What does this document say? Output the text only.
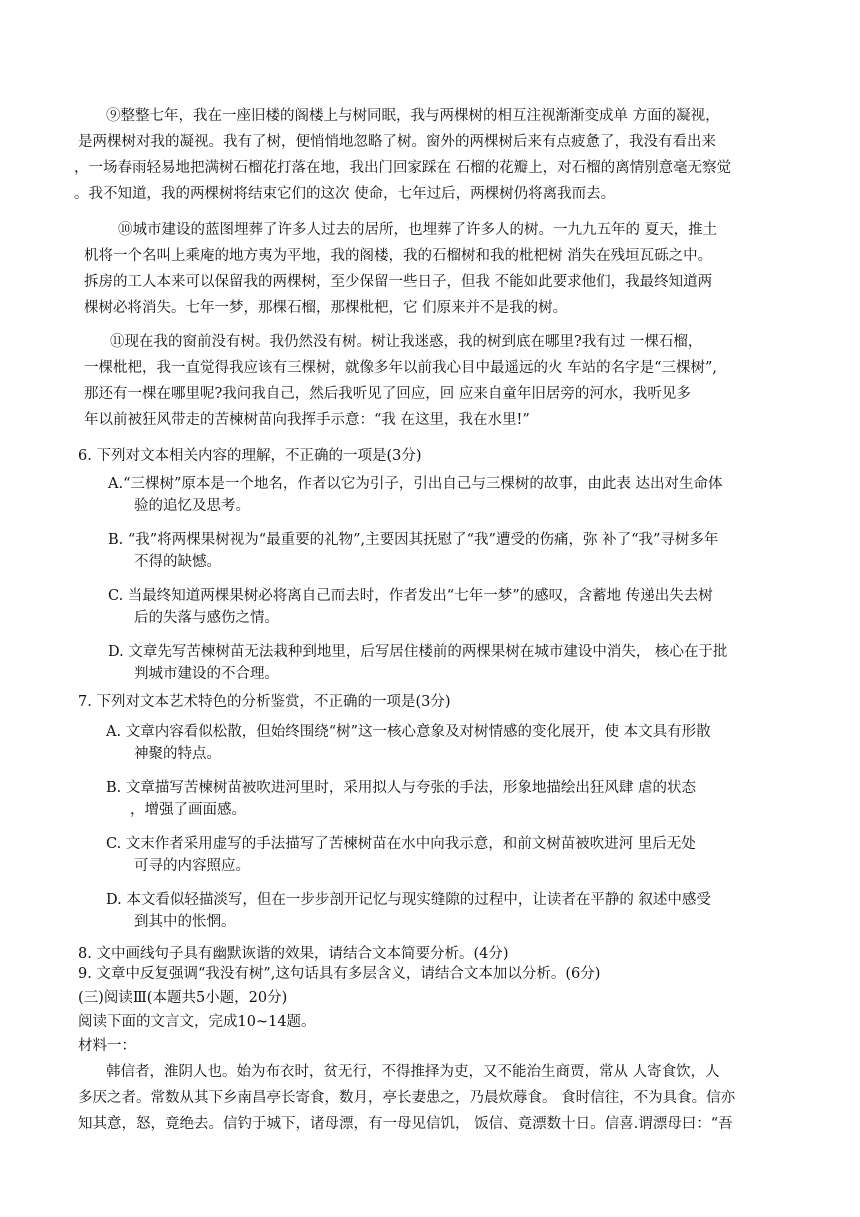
⑨整整七年，我在一座旧楼的阁楼上与树同眠，我与两棵树的相互注视渐渐变成单 方面的凝视，
是两棵树对我的凝视。我有了树，便悄悄地忽略了树。窗外的两棵树后来有点疲惫了，我没有看出来
，一场春雨轻易地把满树石榴花打落在地，我出门回家踩在 石榴的花瓣上，对石榴的离情别意毫无察觉
。我不知道，我的两棵树将结束它们的这次 使命，七年过后，两棵树仍将离我而去。
⑩城市建设的蓝图埋葬了许多人过去的居所，也埋葬了许多人的树。一九九五年的 夏天，推土
机将一个名叫上乘庵的地方夷为平地，我的阁楼，我的石榴树和我的枇杷树 消失在残垣瓦砾之中。
拆房的工人本来可以保留我的两棵树，至少保留一些日子，但我 不能如此要求他们，我最终知道两
棵树必将消失。七年一梦，那棵石榴，那棵枇杷，它 们原来并不是我的树。
⑪现在我的窗前没有树。我仍然没有树。树让我迷惑，我的树到底在哪里?我有过 一棵石榴，
一棵枇杷，我一直觉得我应该有三棵树，就像多年以前我心目中最遥远的火 车站的名字是“三棵树”,
那还有一棵在哪里呢?我问我自己，然后我听见了回应，回 应来自童年旧居旁的河水，我听见多
年以前被狂风带走的苦楝树苗向我挥手示意：“我 在这里，我在水里!”
6. 下列对文本相关内容的理解，不正确的一项是(3分)
A.“三棵树”原本是一个地名，作者以它为引子，引出自己与三棵树的故事，由此表 达出对生命体
验的追忆及思考。
B. “我”将两棵果树视为“最重要的礼物”,主要因其抚慰了“我”遭受的伤痛，弥 补了“我”寻树多年
不得的缺憾。
C. 当最终知道两棵果树必将离自己而去时，作者发出“七年一梦”的感叹，含蓄地 传递出失去树
后的失落与感伤之情。
D. 文章先写苦楝树苗无法栽种到地里，后写居住楼前的两棵果树在城市建设中消失， 核心在于批
判城市建设的不合理。
7. 下列对文本艺术特色的分析鉴赏，不正确的一项是(3分)
A. 文章内容看似松散，但始终围绕“树”这一核心意象及对树情感的变化展开，使 本文具有形散
神聚的特点。
B. 文章描写苦楝树苗被吹进河里时，采用拟人与夸张的手法，形象地描绘出狂风肆 虐的状态
，增强了画面感。
C. 文末作者采用虚写的手法描写了苦楝树苗在水中向我示意，和前文树苗被吹进河 里后无处
可寻的内容照应。
D. 本文看似轻描淡写，但在一步步剖开记忆与现实缝隙的过程中，让读者在平静的 叙述中感受
到其中的怅惘。
8. 文中画线句子具有幽默诙谐的效果，请结合文本简要分析。(4分)
9. 文章中反复强调“我没有树”,这句话具有多层含义，请结合文本加以分析。(6分)
(三)阅读Ⅲ(本题共5小题，20分)
阅读下面的文言文，完成10~14题。
材料一：
韩信者，淮阴人也。始为布衣时，贫无行，不得推择为吏，又不能治生商贾，常从 人寄食饮，人
多厌之者。常数从其下乡南昌亭长寄食，数月，亭长妻患之，乃晨炊蓐食。 食时信往，不为具食。信亦
知其意，怒，竟绝去。信钓于城下，诸母漂，有一母见信饥， 饭信、竟漂数十日。信喜.谓漂母曰：“吾
